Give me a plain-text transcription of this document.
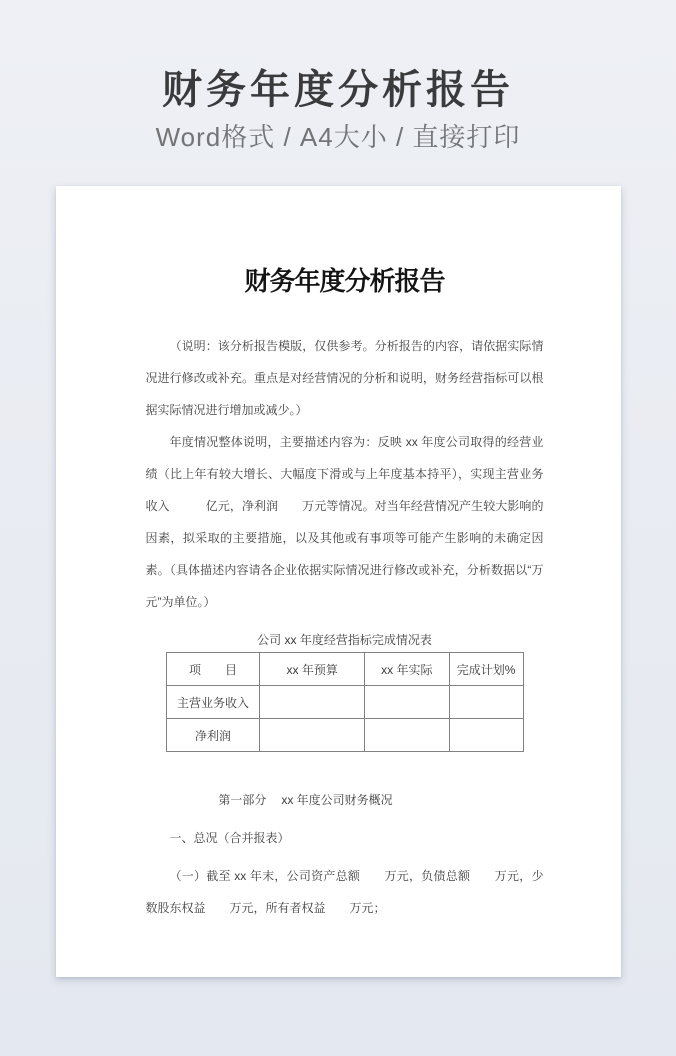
财务年度分析报告
Word格式 / A4大小 / 直接打印
财务年度分析报告

（说明：该分析报告模版，仅供参考。分析报告的内容，请依据实际情况进行修改或补充。重点是对经营情况的分析和说明，财务经营指标可以根据实际情况进行增加或减少。）

年度情况整体说明，主要描述内容为：反映 xx 年度公司取得的经营业绩（比上年有较大增长、大幅度下滑或与上年度基本持平），实现主营业务收入　　　亿元，净利润　　万元等情况。对当年经营情况产生较大影响的因素，拟采取的主要措施，以及其他或有事项等可能产生影响的未确定因素。（具体描述内容请各企业依据实际情况进行修改或补充，分析数据以“万元”为单位。）

公司 xx 年度经营指标完成情况表
项　　目	xx 年预算	xx 年实际	完成计划%
主营业务收入			
净利润			
第一部分 xx 年度公司财务概况
一、总况（合并报表）

（一）截至 xx 年末，公司资产总额　　万元，负债总额　　万元，少数股东权益　　万元，所有者权益　　万元；
